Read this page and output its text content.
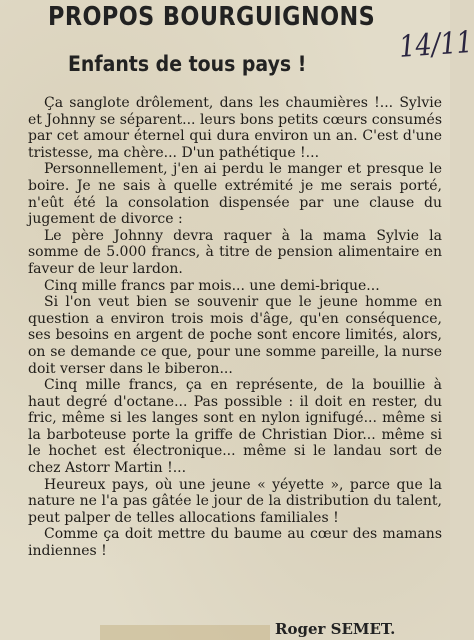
PROPOS BOURGUIGNONS
14/11
Enfants de tous pays !

Ça sanglote drôlement, dans les chaumières !... Sylvie et Johnny se séparent... leurs bons petits cœurs consumés par cet amour éternel qui dura environ un an. C'est d'une tristesse, ma chère... D'un pathétique !...

Personnellement, j'en ai perdu le manger et presque le boire. Je ne sais à quelle extrémité je me serais porté, n'eût été la consolation dispensée par une clause du jugement de divorce :

Le père Johnny devra raquer à la mama Sylvie la somme de 5.000 francs, à titre de pension alimentaire en faveur de leur lardon.

Cinq mille francs par mois... une demi-brique...

Si l'on veut bien se souvenir que le jeune homme en question a environ trois mois d'âge, qu'en conséquence, ses besoins en argent de poche sont encore limités, alors, on se demande ce que, pour une somme pareille, la nurse doit verser dans le biberon...

Cinq mille francs, ça en représente, de la bouillie à haut degré d'octane... Pas possible : il doit en rester, du fric, même si les langes sont en nylon ignifugé... même si la barboteuse porte la griffe de Christian Dior... même si le hochet est électronique... même si le landau sort de chez Astorr Martin !...

Heureux pays, où une jeune « yéyette », parce que la nature ne l'a pas gâtée le jour de la distribution du talent, peut palper de telles allocations familiales !

Comme ça doit mettre du baume au cœur des mamans indiennes !

Roger SEMET.
